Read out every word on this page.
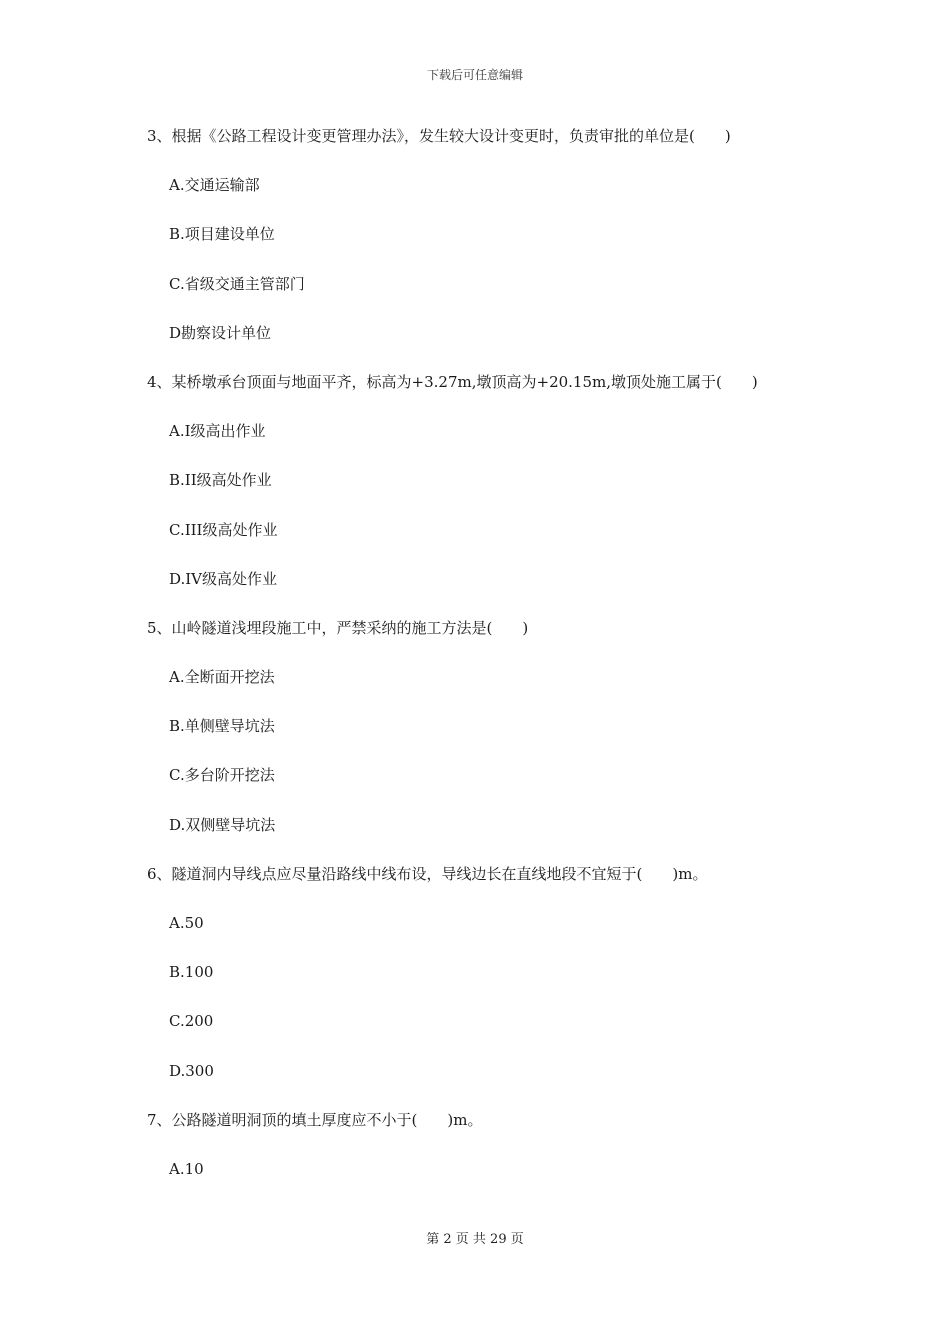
下载后可任意编辑
3、根据《公路工程设计变更管理办法》，发生较大设计变更时，负责审批的单位是(　　)
A.交通运输部
B.项目建设单位
C.省级交通主管部门
D勘察设计单位
4、某桥墩承台顶面与地面平齐，标高为+3.27m,墩顶高为+20.15m,墩顶处施工属于(　　)
A.I级高出作业
B.II级高处作业
C.III级高处作业
D.IV级高处作业
5、山岭隧道浅埋段施工中，严禁采纳的施工方法是(　　)
A.全断面开挖法
B.单侧壁导坑法
C.多台阶开挖法
D.双侧壁导坑法
6、隧道洞内导线点应尽量沿路线中线布设，导线边长在直线地段不宜短于(　　)m。
A.50
B.100
C.200
D.300
7、公路隧道明洞顶的填土厚度应不小于(　　)m。
A.10
第 2 页 共 29 页
